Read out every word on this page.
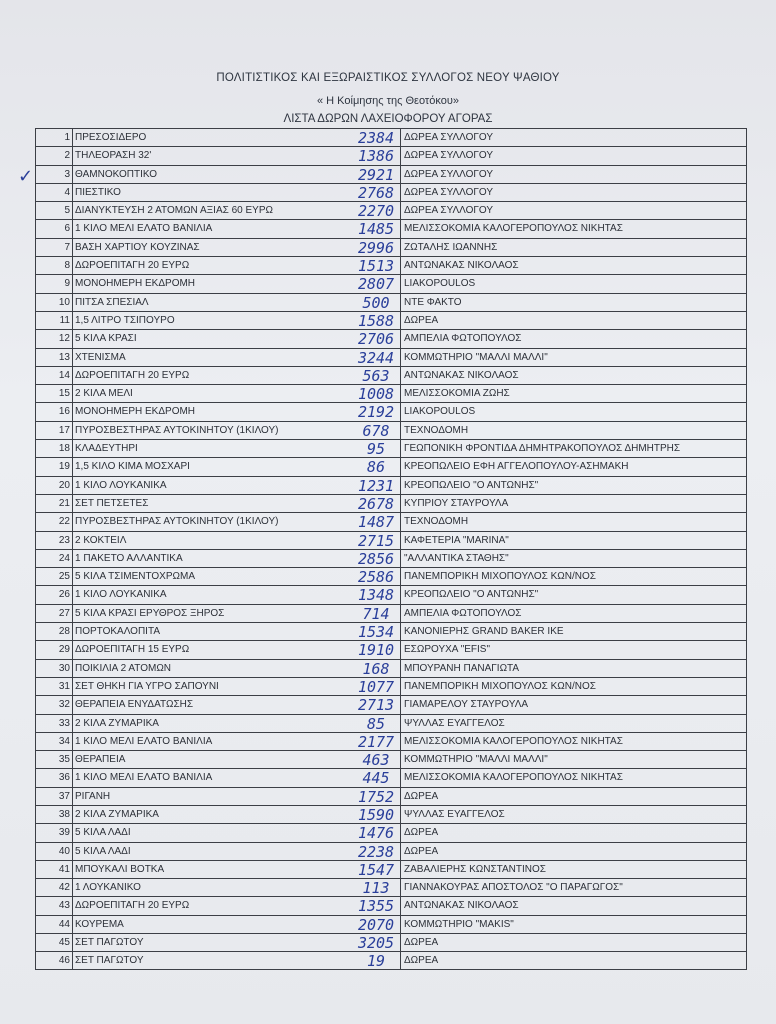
ΠΟΛΙΤΙΣΤΙΚΟΣ ΚΑΙ ΕΞΩΡΑΙΣΤΙΚΟΣ ΣΥΛΛΟΓΟΣ ΝΕΟΥ ΨΑΘΙΟΥ
« Η Κοίμησης της Θεοτόκου»
ΛΙΣΤΑ ΔΩΡΩΝ ΛΑΧΕΙΟΦΟΡΟΥ ΑΓΟΡΑΣ
✓
1 ΠΡΕΣΟΣΙΔΕΡΟ	2384 ΔΩΡΕΑ ΣΥΛΛΟΓΟΥ
2 ΤΗΛΕΟΡΑΣΗ 32'	1386 ΔΩΡΕΑ ΣΥΛΛΟΓΟΥ
3 ΘΑΜΝΟΚΟΠΤΙΚΟ	2921 ΔΩΡΕΑ ΣΥΛΛΟΓΟΥ
4 ΠΙΕΣΤΙΚΟ	2768 ΔΩΡΕΑ ΣΥΛΛΟΓΟΥ
5 ΔΙΑΝΥΚΤΕΥΣΗ 2 ΑΤΟΜΩΝ ΑΞΙΑΣ 60 ΕΥΡΩ	2270 ΔΩΡΕΑ ΣΥΛΛΟΓΟΥ
6 1 ΚΙΛΟ ΜΕΛΙ ΕΛΑΤΟ ΒΑΝΙΛΙΑ	1485 ΜΕΛΙΣΣΟΚΟΜΙΑ ΚΑΛΟΓΕΡΟΠΟΥΛΟΣ ΝΙΚΗΤΑΣ
7 ΒΑΣΗ ΧΑΡΤΙΟΥ ΚΟΥΖΙΝΑΣ	2996 ΖΩΤΑΛΗΣ ΙΩΑΝΝΗΣ
8 ΔΩΡΟΕΠΙΤΑΓΗ 20 ΕΥΡΩ	1513 ΑΝΤΩΝΑΚΑΣ ΝΙΚΟΛΑΟΣ
9 ΜΟΝΟΗΜΕΡΗ ΕΚΔΡΟΜΗ	2807 LIAKOPOULOS
10 ΠΙΤΣΑ ΣΠΕΣΙΑΛ	500	ΝΤΕ ΦΑΚΤΟ
11 1,5 ΛΙΤΡΟ ΤΣΙΠΟΥΡΟ	1588 ΔΩΡΕΑ
12 5 ΚΙΛΑ ΚΡΑΣΙ	2706 ΑΜΠΕΛΙΑ ΦΩΤΟΠΟΥΛΟΣ
13 ΧΤΕΝΙΣΜΑ	3244 ΚΟΜΜΩΤΗΡΙΟ "ΜΑΛΛΙ ΜΑΛΛΙ"
14 ΔΩΡΟΕΠΙΤΑΓΗ 20 ΕΥΡΩ	563	ΑΝΤΩΝΑΚΑΣ ΝΙΚΟΛΑΟΣ
15 2 ΚΙΛΑ ΜΕΛΙ	1008 ΜΕΛΙΣΣΟΚΟΜΙΑ ΖΩΗΣ
16 ΜΟΝΟΗΜΕΡΗ ΕΚΔΡΟΜΗ	2192 LIAKOPOULOS
17 ΠΥΡΟΣΒΕΣΤΗΡΑΣ ΑΥΤΟΚΙΝΗΤΟΥ (1ΚΙΛΟΥ)	678	ΤΕΧΝΟΔΟΜΗ
18 ΚΛΑΔΕΥΤΗΡΙ	95	ΓΕΩΠΟΝΙΚΗ ΦΡΟΝΤΙΔΑ ΔΗΜΗΤΡΑΚΟΠΟΥΛΟΣ ΔΗΜΗΤΡΗΣ
19 1,5 ΚΙΛΟ ΚΙΜΑ ΜΟΣΧΑΡΙ	86	ΚΡΕΟΠΩΛΕΙΟ ΕΦΗ ΑΓΓΕΛΟΠΟΥΛΟΥ-ΑΣΗΜΑΚΗ
20 1 ΚΙΛΟ ΛΟΥΚΑΝΙΚΑ	1231 ΚΡΕΟΠΩΛΕΙΟ "Ο ΑΝΤΩΝΗΣ"
21 ΣΕΤ ΠΕΤΣΕΤΕΣ	2678 ΚΥΠΡΙΟΥ ΣΤΑΥΡΟΥΛΑ
22 ΠΥΡΟΣΒΕΣΤΗΡΑΣ ΑΥΤΟΚΙΝΗΤΟΥ (1ΚΙΛΟΥ)	1487 ΤΕΧΝΟΔΟΜΗ
23 2 ΚΟΚΤΕΙΛ	2715 ΚΑΦΕΤΕΡΙΑ "MARINA"
24 1 ΠΑΚΕΤΟ ΑΛΛΑΝΤΙΚΑ	2856 "ΑΛΛΑΝΤΙΚΑ ΣΤΑΘΗΣ"
25 5 ΚΙΛΑ ΤΣΙΜΕΝΤΟΧΡΩΜΑ	2586 ΠΑΝΕΜΠΟΡΙΚΗ ΜΙΧΟΠΟΥΛΟΣ ΚΩΝ/ΝΟΣ
26 1 ΚΙΛΟ ΛΟΥΚΑΝΙΚΑ	1348 ΚΡΕΟΠΩΛΕΙΟ "Ο ΑΝΤΩΝΗΣ"
27 5 ΚΙΛΑ ΚΡΑΣΙ ΕΡΥΘΡΟΣ ΞΗΡΟΣ	714	ΑΜΠΕΛΙΑ ΦΩΤΟΠΟΥΛΟΣ
28 ΠΟΡΤΟΚΑΛΟΠΙΤΑ	1534 ΚΑΝΟΝΙΕΡΗΣ GRAND BAKER IKE
29 ΔΩΡΟΕΠΙΤΑΓΗ 15 ΕΥΡΩ	1910 ΕΣΩΡΟΥΧΑ "EFIS"
30 ΠΟΙΚΙΛΙΑ 2 ΑΤΟΜΩΝ	168	ΜΠΟΥΡΑΝΗ ΠΑΝΑΓΙΩΤΑ
31 ΣΕΤ ΘΗΚΗ ΓΙΑ ΥΓΡΟ ΣΑΠΟΥΝΙ	1077 ΠΑΝΕΜΠΟΡΙΚΗ ΜΙΧΟΠΟΥΛΟΣ ΚΩΝ/ΝΟΣ
32 ΘΕΡΑΠΕΙΑ ΕΝΥΔΑΤΩΣΗΣ	2713 ΓΙΑΜΑΡΕΛΟΥ ΣΤΑΥΡΟΥΛΑ
33 2 ΚΙΛΑ ΖΥΜΑΡΙΚΑ	85	ΨΥΛΛΑΣ ΕΥΑΓΓΕΛΟΣ
34 1 ΚΙΛΟ ΜΕΛΙ ΕΛΑΤΟ ΒΑΝΙΛΙΑ	2177 ΜΕΛΙΣΣΟΚΟΜΙΑ ΚΑΛΟΓΕΡΟΠΟΥΛΟΣ ΝΙΚΗΤΑΣ
35 ΘΕΡΑΠΕΙΑ	463	ΚΟΜΜΩΤΗΡΙΟ "ΜΑΛΛΙ ΜΑΛΛΙ"
36 1 ΚΙΛΟ ΜΕΛΙ ΕΛΑΤΟ ΒΑΝΙΛΙΑ	445	ΜΕΛΙΣΣΟΚΟΜΙΑ ΚΑΛΟΓΕΡΟΠΟΥΛΟΣ ΝΙΚΗΤΑΣ
37 ΡΙΓΑΝΗ	1752 ΔΩΡΕΑ
38 2 ΚΙΛΑ ΖΥΜΑΡΙΚΑ	1590 ΨΥΛΛΑΣ ΕΥΑΓΓΕΛΟΣ
39 5 ΚΙΛΑ ΛΑΔΙ	1476 ΔΩΡΕΑ
40 5 ΚΙΛΑ ΛΑΔΙ	2238 ΔΩΡΕΑ
41 ΜΠΟΥΚΑΛΙ ΒΟΤΚΑ	1547 ΖΑΒΑΛΙΕΡΗΣ ΚΩΝΣΤΑΝΤΙΝΟΣ
42 1 ΛΟΥΚΑΝΙΚΟ	113	ΓΙΑΝΝΑΚΟΥΡΑΣ ΑΠΟΣΤΟΛΟΣ "Ο ΠΑΡΑΓΩΓΟΣ"
43 ΔΩΡΟΕΠΙΤΑΓΗ 20 ΕΥΡΩ	1355 ΑΝΤΩΝΑΚΑΣ ΝΙΚΟΛΑΟΣ
44 ΚΟΥΡΕΜΑ	2070 ΚΟΜΜΩΤΗΡΙΟ "MAKIS"
45 ΣΕΤ ΠΑΓΩΤΟΥ	3205 ΔΩΡΕΑ
46 ΣΕΤ ΠΑΓΩΤΟΥ	19	ΔΩΡΕΑ
